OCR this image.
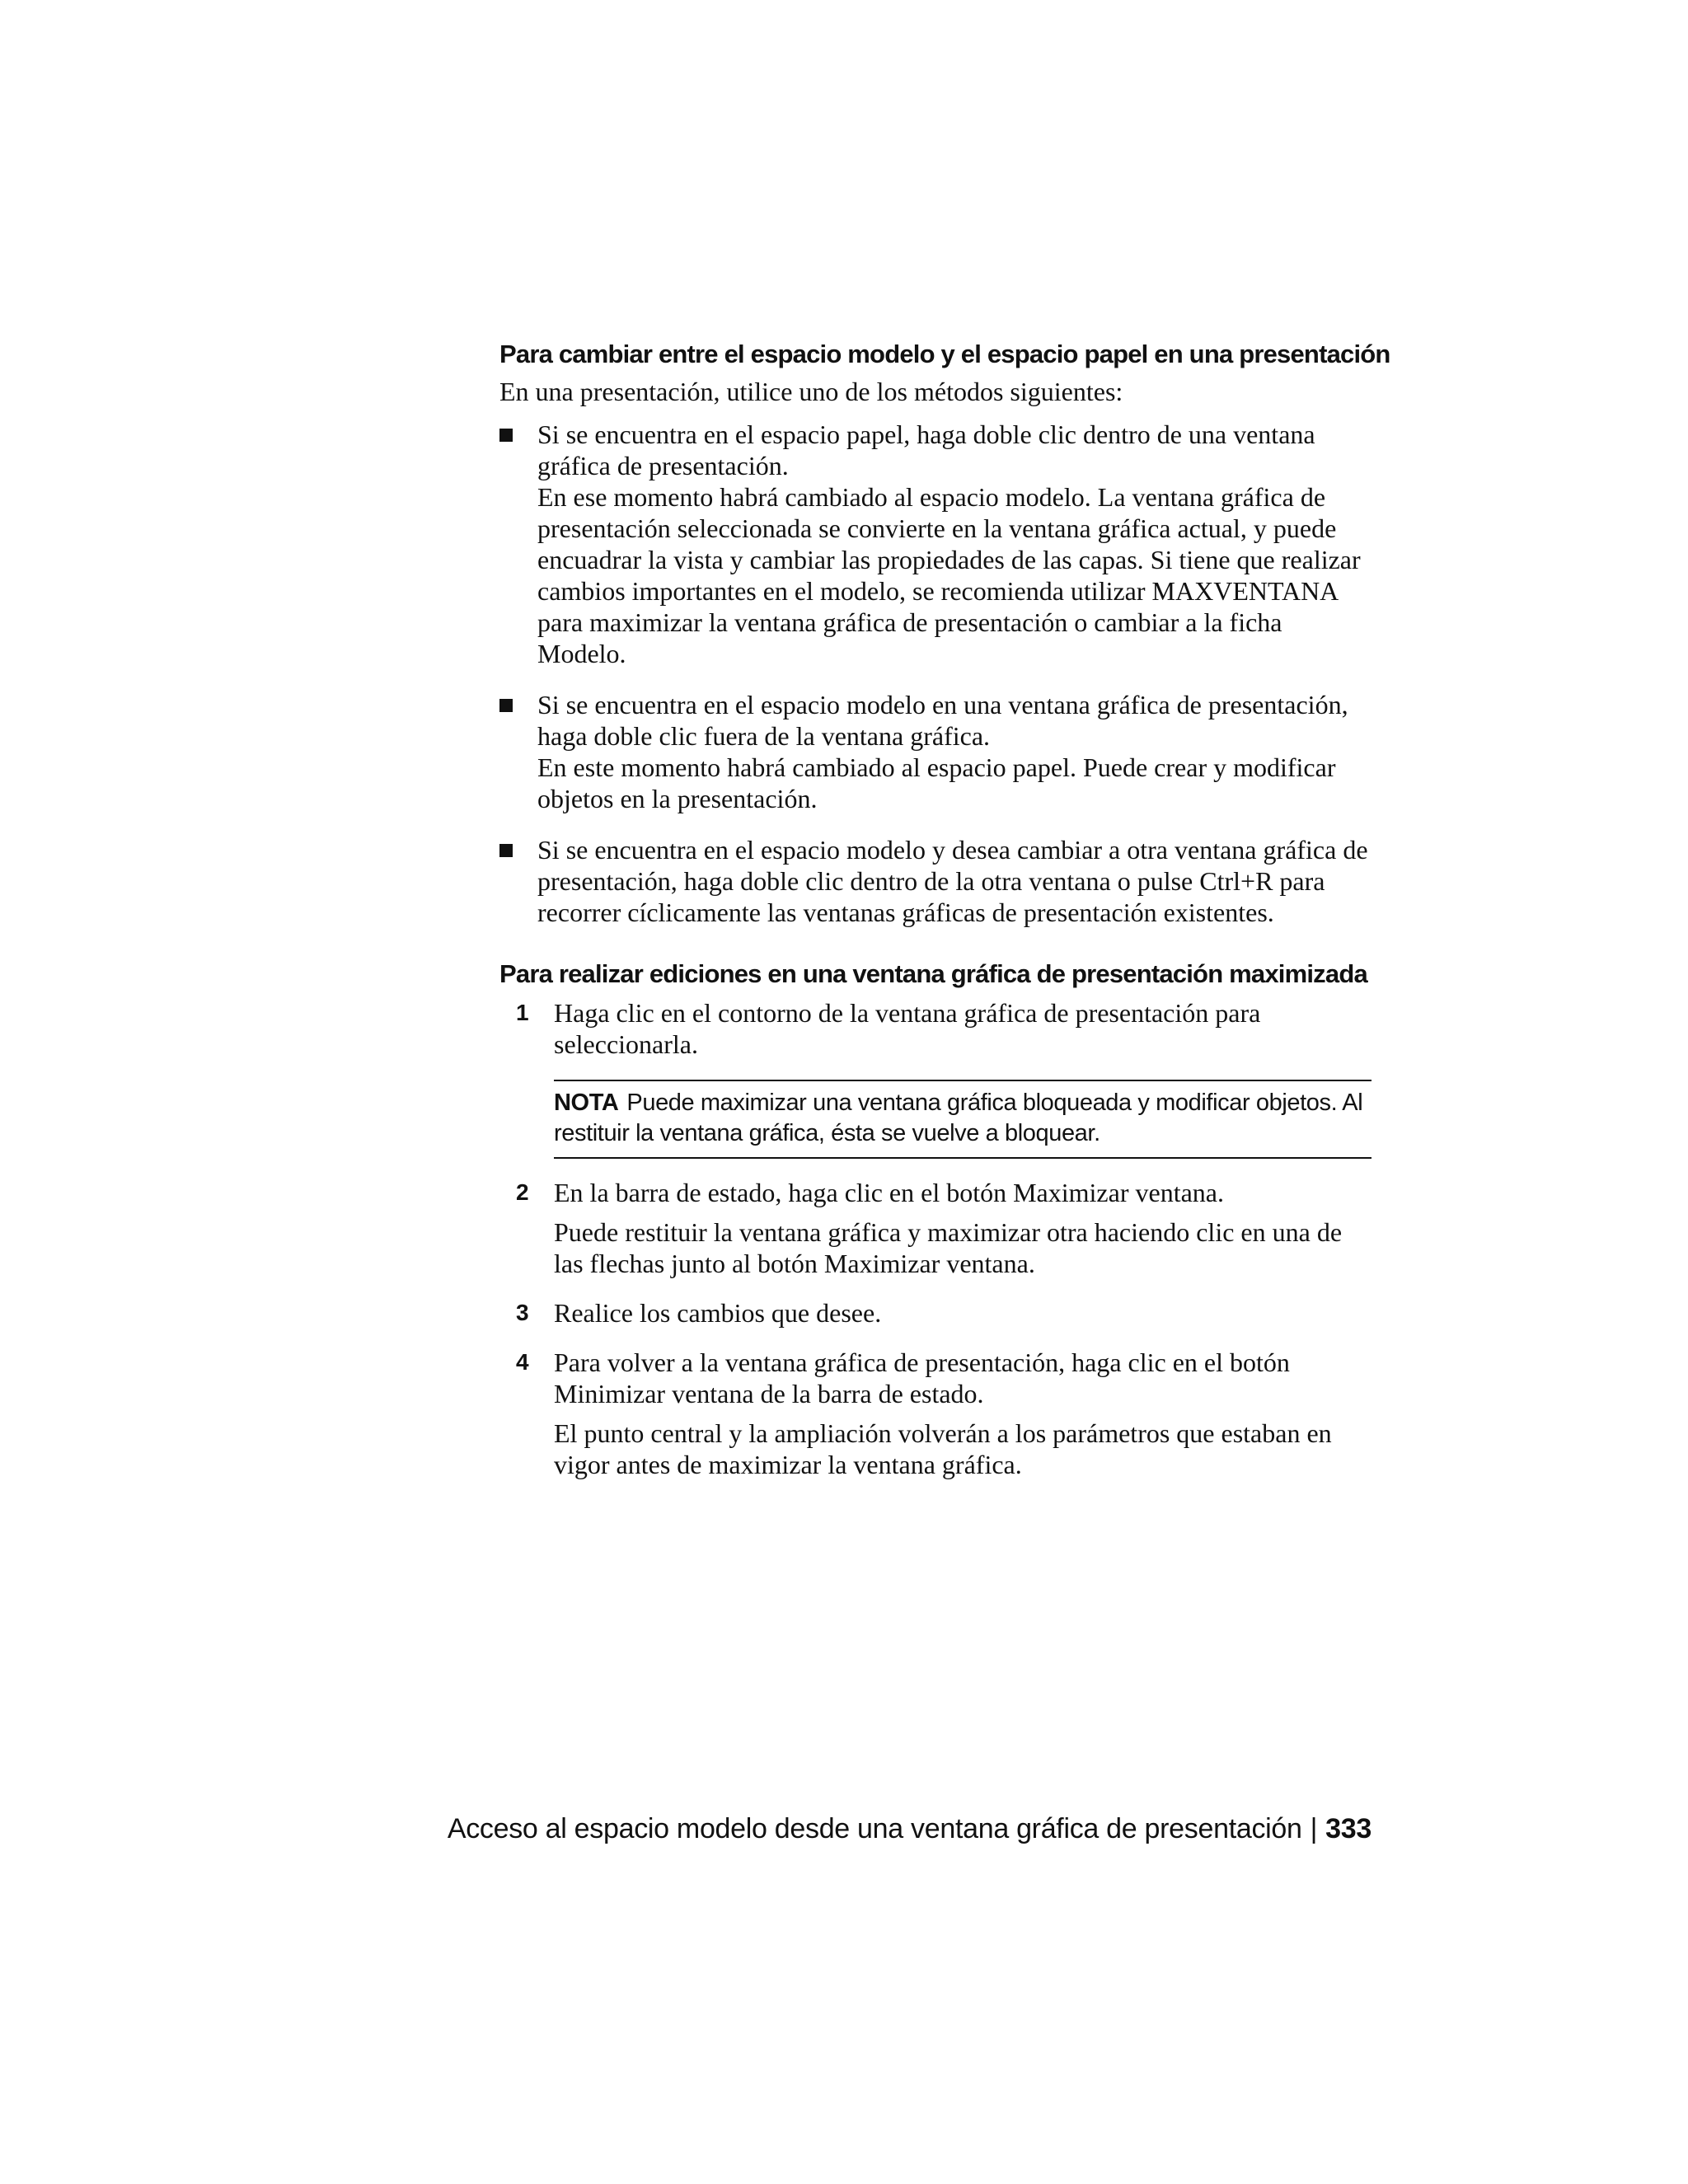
Para cambiar entre el espacio modelo y el espacio papel en una presentación

En una presentación, utilice uno de los métodos siguientes:

Si se encuentra en el espacio papel, haga doble clic dentro de una ventana gráfica de presentación.

En ese momento habrá cambiado al espacio modelo. La ventana gráfica de presentación seleccionada se convierte en la ventana gráfica actual, y puede encuadrar la vista y cambiar las propiedades de las capas. Si tiene que realizar cambios importantes en el modelo, se recomienda utilizar MAXVENTANA para maximizar la ventana gráfica de presentación o cambiar a la ficha Modelo.

Si se encuentra en el espacio modelo en una ventana gráfica de presentación, haga doble clic fuera de la ventana gráfica.

En este momento habrá cambiado al espacio papel. Puede crear y modificar objetos en la presentación.

Si se encuentra en el espacio modelo y desea cambiar a otra ventana gráfica de presentación, haga doble clic dentro de la otra ventana o pulse Ctrl+R para recorrer cíclicamente las ventanas gráficas de presentación existentes.

Para realizar ediciones en una ventana gráfica de presentación maximizada
1 Haga clic en el contorno de la ventana gráfica de presentación para seleccionarla.

NOTA Puede maximizar una ventana gráfica bloqueada y modificar objetos. Al restituir la ventana gráfica, ésta se vuelve a bloquear.
2 En la barra de estado, haga clic en el botón Maximizar ventana.

Puede restituir la ventana gráfica y maximizar otra haciendo clic en una de las flechas junto al botón Maximizar ventana.

3 Realice los cambios que desee.

4 Para volver a la ventana gráfica de presentación, haga clic en el botón Minimizar ventana de la barra de estado.

El punto central y la ampliación volverán a los parámetros que estaban en vigor antes de maximizar la ventana gráfica.

Acceso al espacio modelo desde una ventana gráfica de presentación | 333
